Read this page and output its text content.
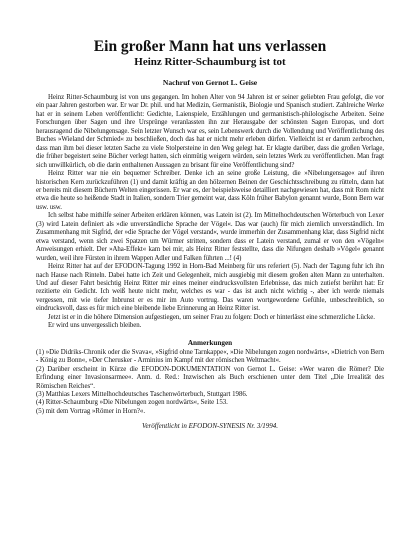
Ein großer Mann hat uns verlassen
Heinz Ritter-Schaumburg ist tot
Nachruf von Gernot L. Geise

Heinz Ritter-Schaumburg ist von uns gegangen. Im hohen Alter von 94 Jahren ist er seiner geliebten Frau gefolgt, die vor ein paar Jahren gestorben war. Er war Dr. phil. und hat Medizin, Germanistik, Biologie und Spanisch studiert. Zahlreiche Werke hat er in seinem Leben veröffentlicht: Gedichte, Laienspiele, Erzählungen und germanistisch-philologische Arbeiten. Seine Forschungen über Sagen und ihre Ursprünge veranlassten ihn zur Herausgabe der schönsten Sagen Europas, und dort herausragend die Nibelungensage. Sein letzter Wunsch war es, sein Lebenswerk durch die Vollendung und Veröffentlichung des Buches »Wieland der Schmied« zu beschließen, doch das hat er nicht mehr erleben dürfen. Vielleicht ist er darum zerbrochen, dass man ihm bei dieser letzten Sache zu viele Stolpersteine in den Weg gelegt hat. Er klagte darüber, dass die großen Verlage, die früher begeistert seine Bücher verlegt hatten, sich einmütig weigern würden, sein letztes Werk zu veröffentlichen. Man fragt sich unwillkürlich, ob die darin enthaltenen Aussagen zu brisant für eine Veröffentlichung sind?

Heinz Ritter war nie ein bequemer Schreiber. Denke ich an seine große Leistung, die »Nibelungensage« auf ihren historischen Kern zurückzuführen (1) und damit kräftig an den hölzernen Beinen der Geschichtsschreibung zu rütteln, dann hat er bereits mit diesem Büchern Welten eingerissen. Er war es, der beispielsweise detailliert nachgewiesen hat, dass mit Rom nicht etwa die heute so heißende Stadt in Italien, sondern Trier gemeint war, dass Köln früher Babylon genannt wurde, Bonn Bern war usw. usw.

Ich selbst habe mithilfe seiner Arbeiten erklären können, was Latein ist (2). Im Mittelhochdeutschen Wörterbuch von Lexer (3) wird Latein definiert als »die unverständliche Sprache der Vögel«. Das war (auch) für mich ziemlich unverständlich. Im Zusammenhang mit Sigfrid, der »die Sprache der Vögel verstand«, wurde immerhin der Zusammenhang klar, dass Sigfrid nicht etwa verstand, wenn sich zwei Spatzen um Würmer stritten, sondern dass er Latein verstand, zumal er von den »Vögeln« Anweisungen erhielt. Der »Aha-Effekt« kam bei mir, als Heinz Ritter feststellte, dass die Nifungen deshalb »Vögel« genannt wurden, weil ihre Fürsten in ihrem Wappen Adler und Falken führten ...! (4)

Heinz Ritter hat auf der EFODON-Tagung 1992 in Horn-Bad Meinberg für uns referiert (5). Nach der Tagung fuhr ich ihn nach Hause nach Rinteln. Dabei hatte ich Zeit und Gelegenheit, mich ausgiebig mit diesem großen alten Mann zu unterhalten. Und auf dieser Fahrt besichtig Heinz Ritter mir eines meiner eindrucksvollsten Erlebnisse, das mich zutiefst berührt hat: Er rezitierte ein Gedicht. Ich weiß heute nicht mehr, welches es war - das ist auch nicht wichtig -, aber ich werde niemals vergessen, mit wie tiefer Inbrunst er es mir im Auto vortrug. Das waren wortgewordene Gefühle, unbeschreiblich, so eindrucksvoll, dass es für mich eine bleibende liebe Erinnerung an Heinz Ritter ist.

Jetzt ist er in die höhere Dimension aufgestiegen, um seiner Frau zu folgen: Doch er hinterlässt eine schmerzliche Lücke.

Er wird uns unvergesslich bleiben.

Anmerkungen
(1) »Die Didriks-Chronik oder die Svava«, »Sigfrid ohne Tarnkappe«, »Die Nibelungen zogen nordwärts«, »Dietrich von Bern - König zu Bonn«, »Der Cherusker - Arminius im Kampf mit der römischen Weltmacht«.
(2) Darüber erscheint in Kürze die EFODON-DOKUMENTATION von Gernot L. Geise: »Wer waren die Römer? Die Erfindung einer Invasionsarmee«. Anm. d. Red.: Inzwischen als Buch erschienen unter dem Titel „Die Irrealität des Römischen Reiches“.
(3) Matthias Lexers Mittelhochdeutsches Taschenwörterbuch, Stuttgart 1986.
(4) Ritter-Schaumburg »Die Nibelungen zogen nordwärts«, Seite 153.
(5) mit dem Vortrag »Römer in Horn?«.
Veröffentlicht in EFODON-SYNESIS Nr. 3/1994.
